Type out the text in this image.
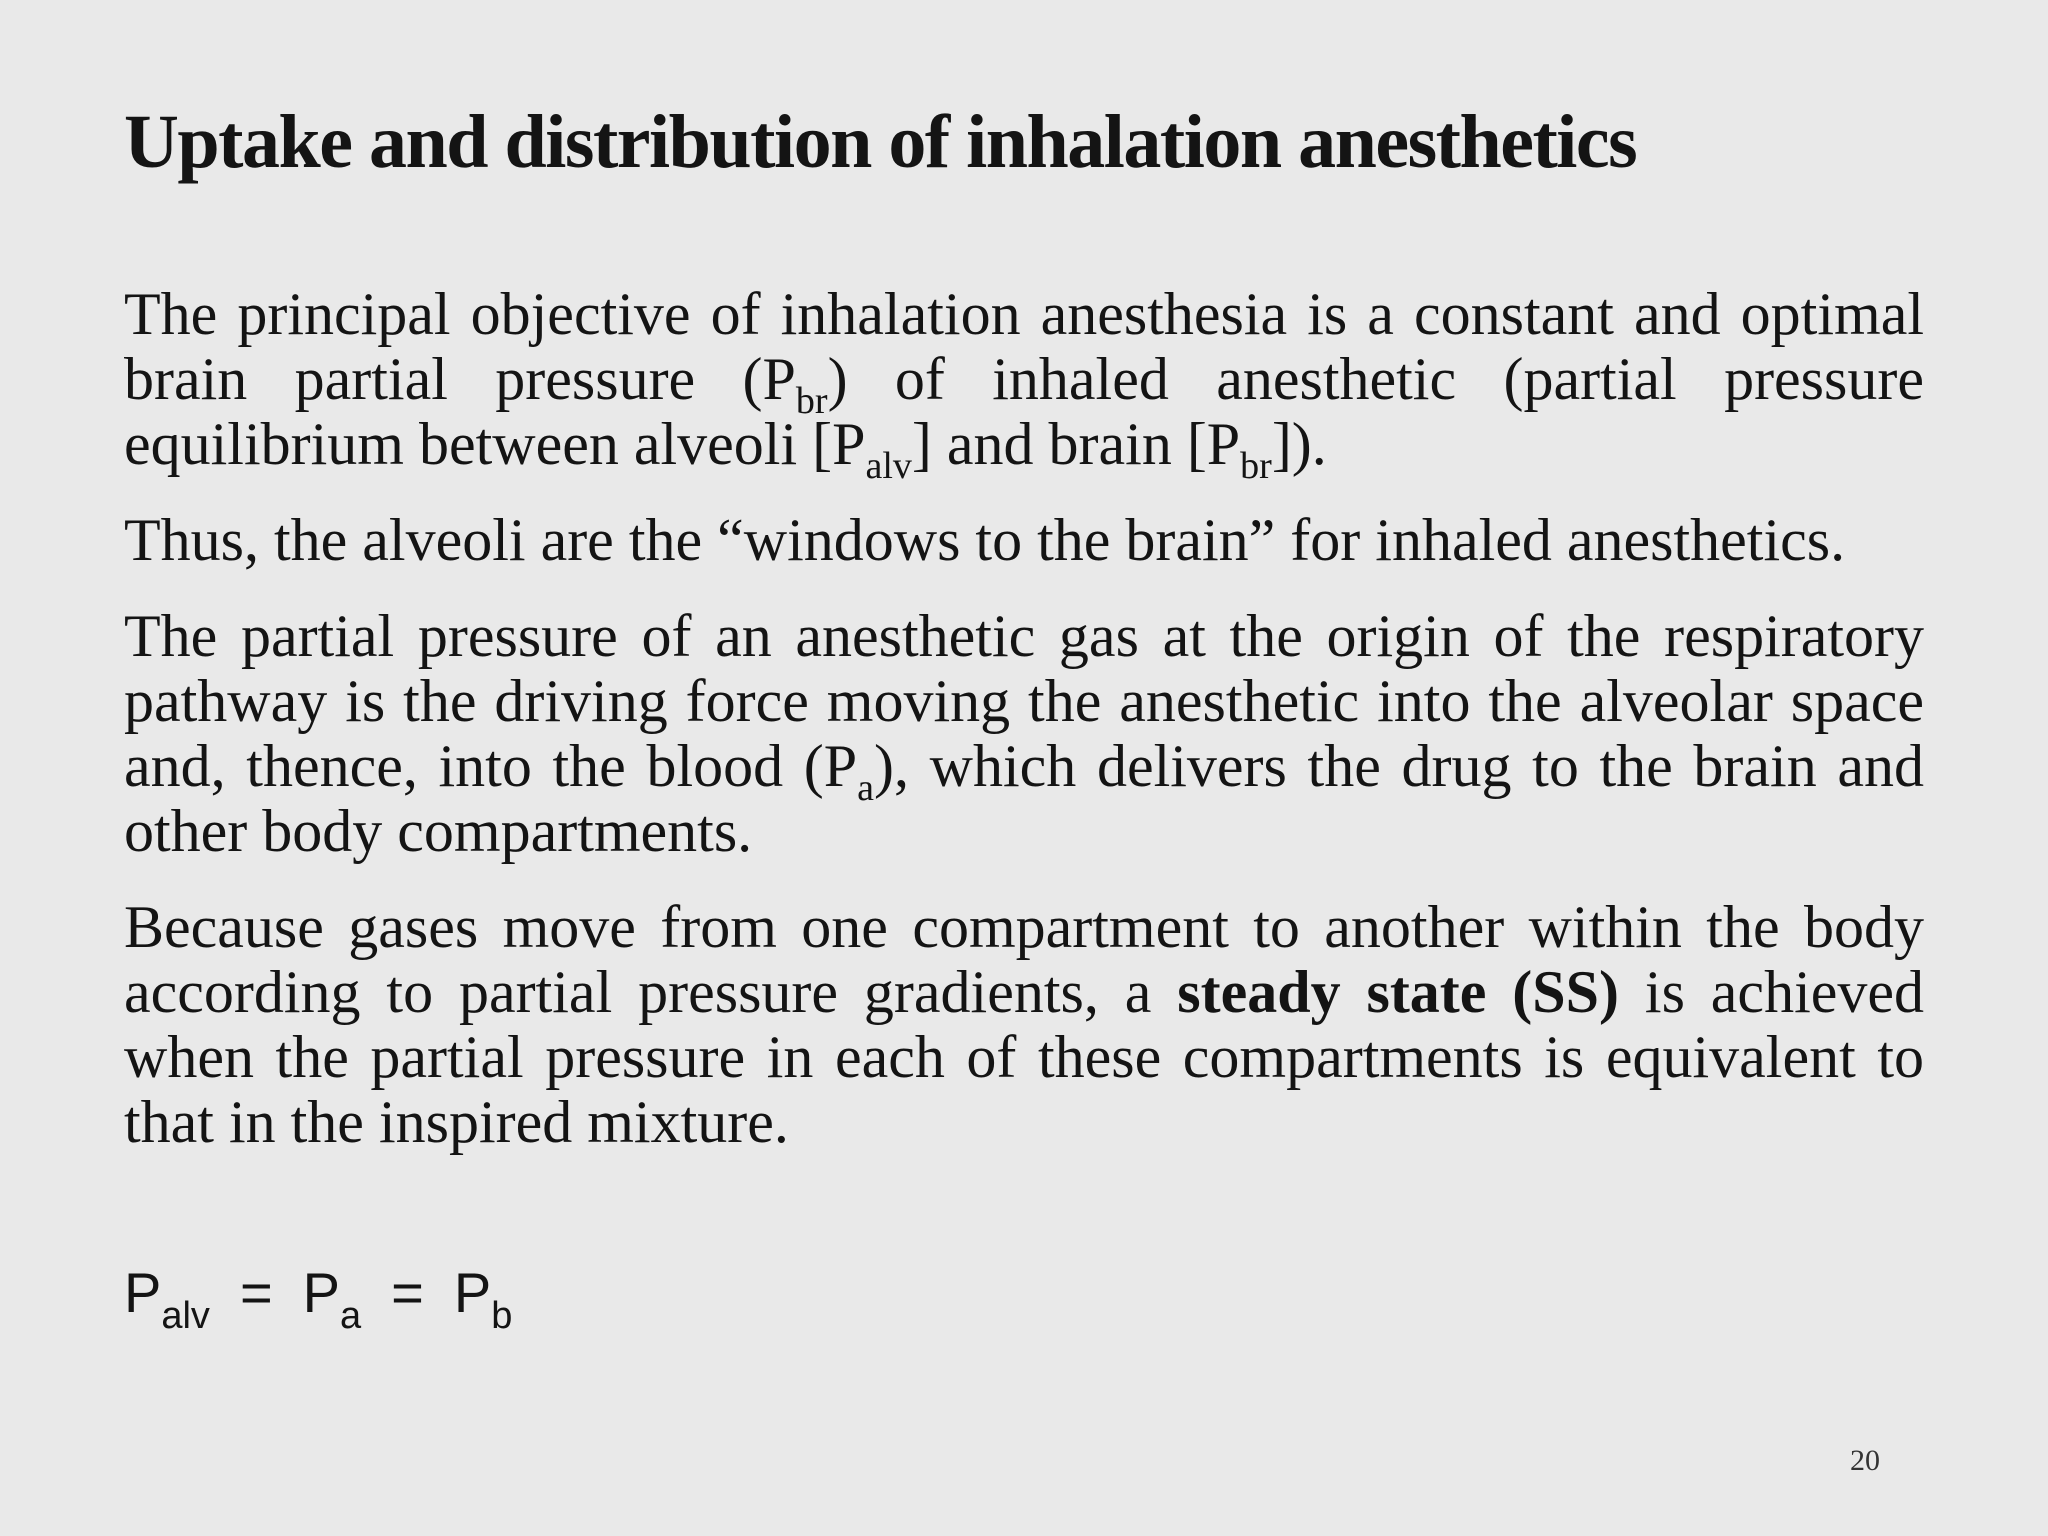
Uptake and distribution of inhalation anesthetics

The principal objective of inhalation anesthesia is a constant and optimal brain partial pressure $(P_{br})$ of inhaled anesthetic (partial pressure equilibrium between alveoli $[P_{alv}]$ and brain $[P_{br}]$).

Thus, the alveoli are the “windows to the brain” for inhaled anesthetics.

The partial pressure of an anesthetic gas at the origin of the respiratory pathway is the driving force moving the anesthetic into the alveolar space and, thence, into the blood $(P_a)$, which delivers the drug to the brain and other body compartments.

Because gases move from one compartment to another within the body according to partial pressure gradients, a steady state (SS) is achieved when the partial pressure in each of these compartments is equivalent to that in the inspired mixture.

$P_{alv} = P_a = P_b$
20
